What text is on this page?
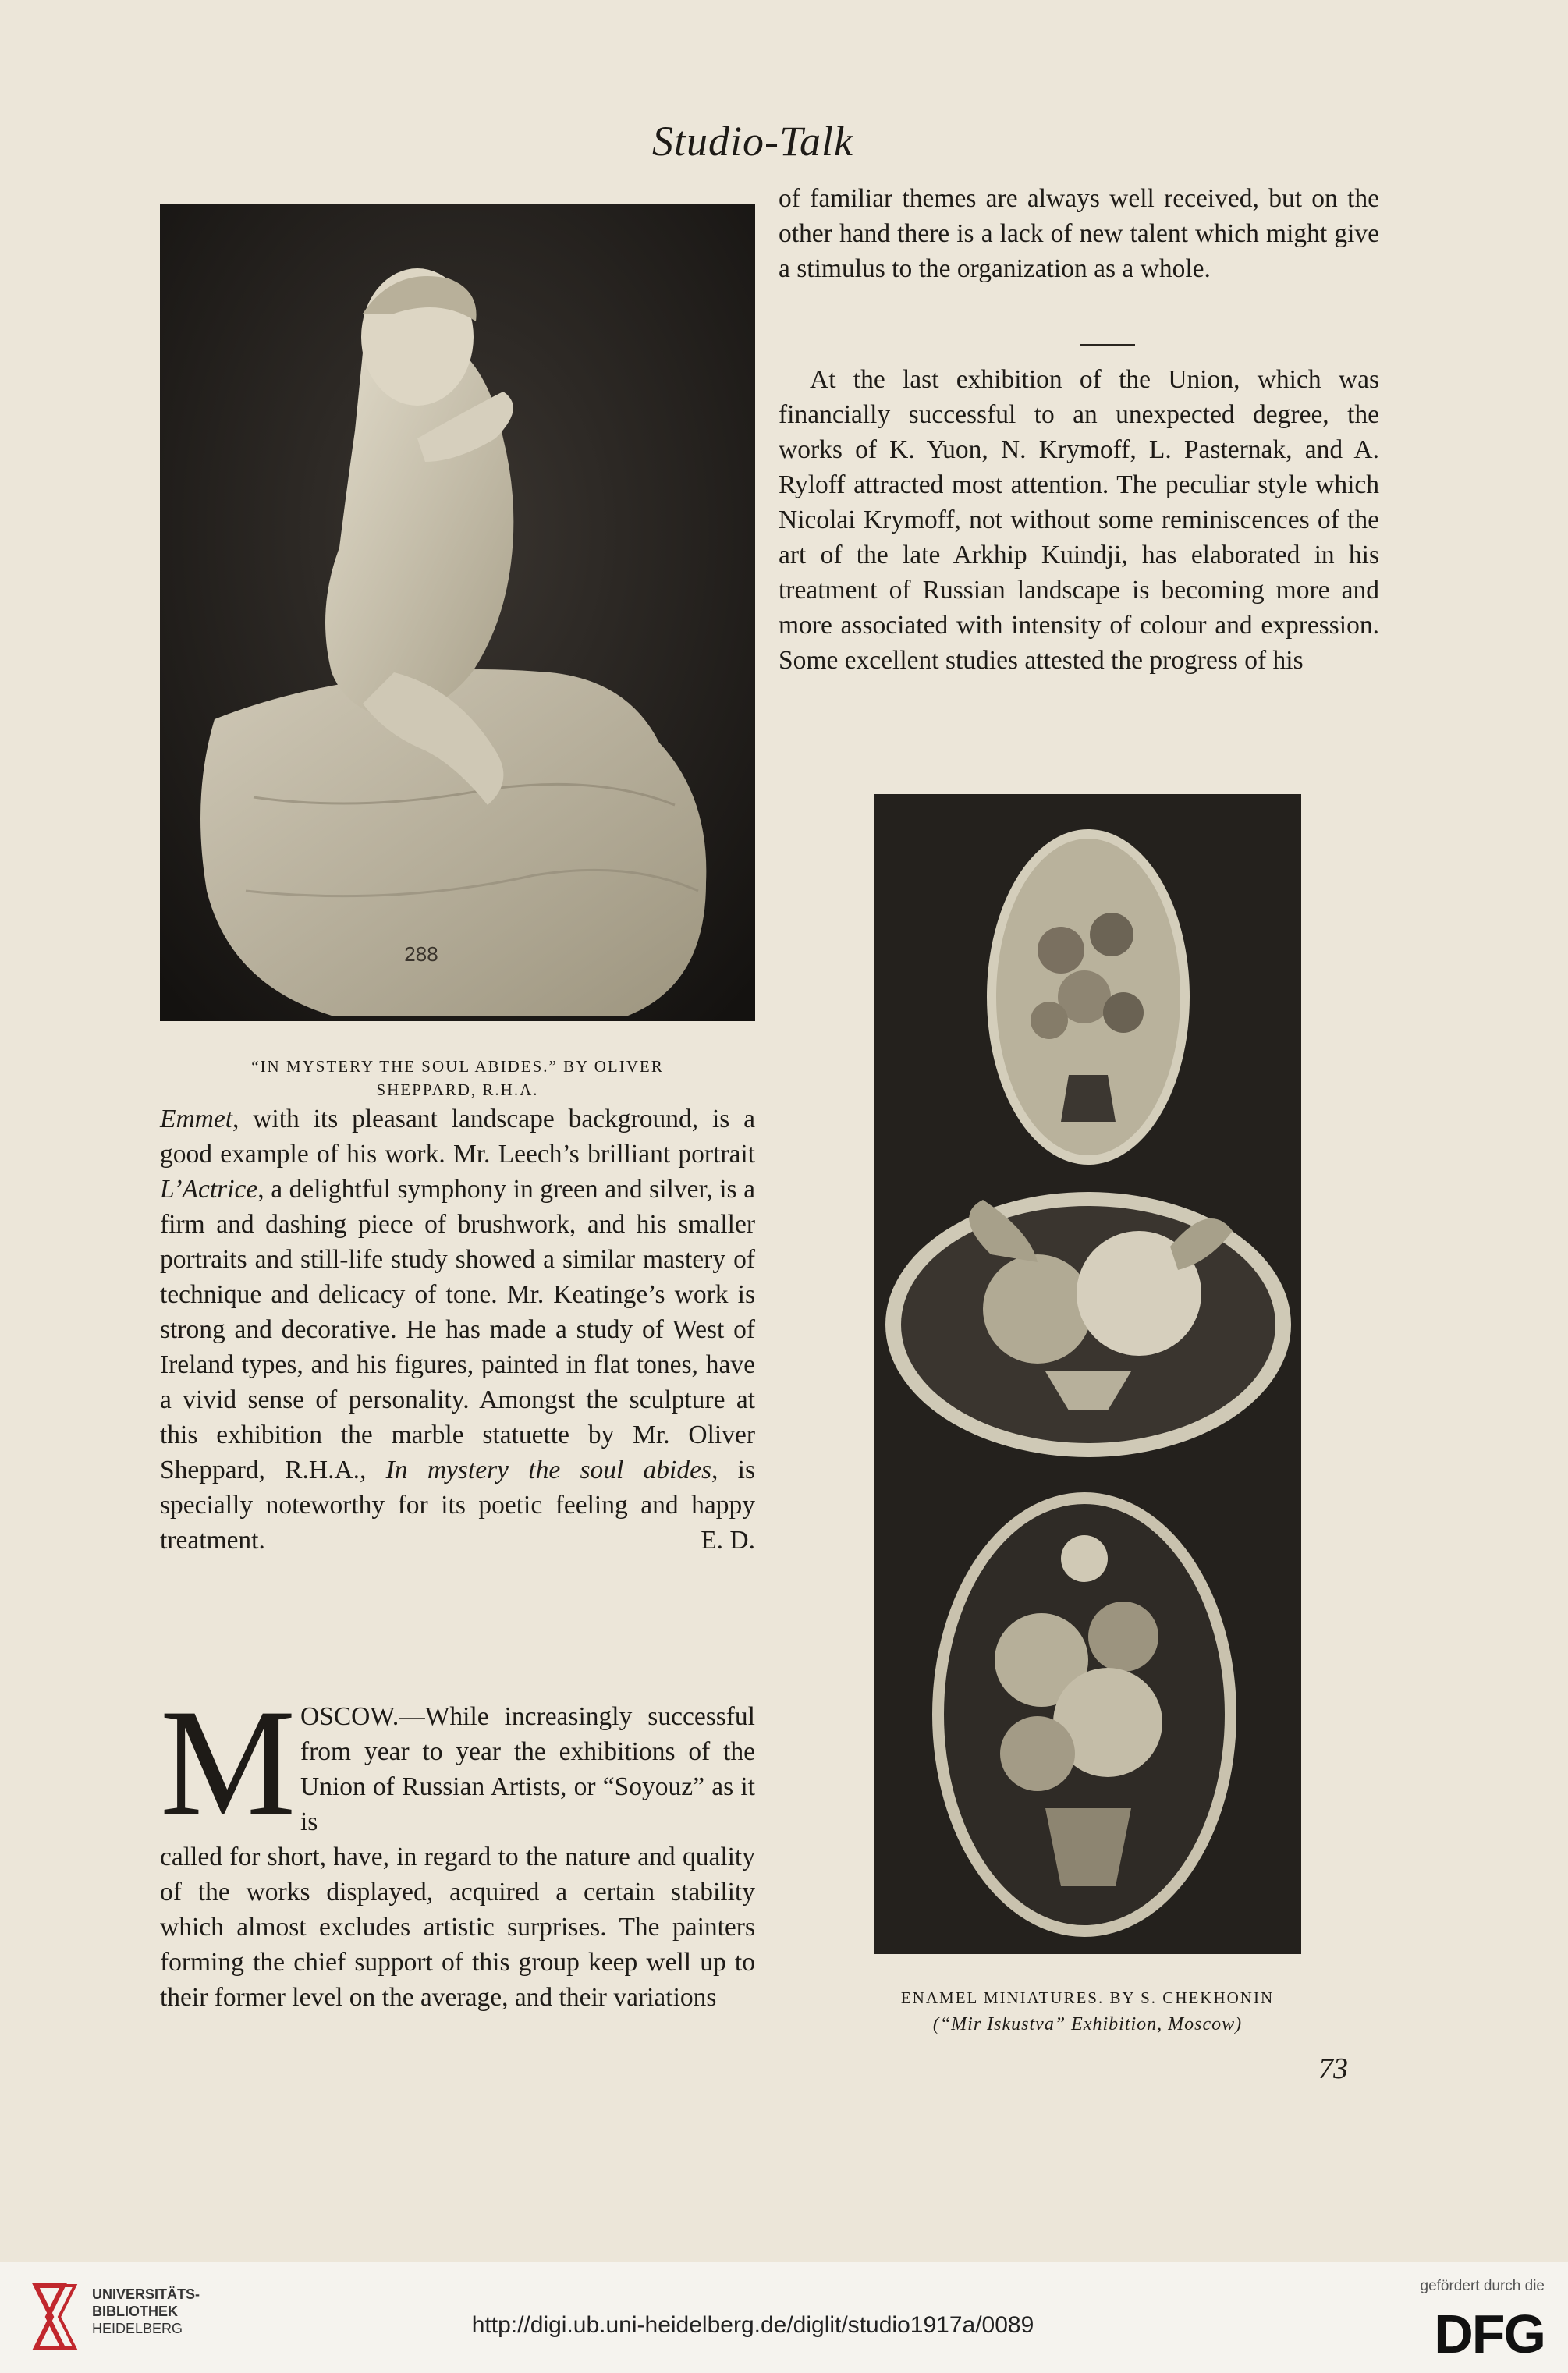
Studio-Talk
288
“IN MYSTERY THE SOUL ABIDES.” BY OLIVER
SHEPPARD, R.H.A.

of familiar themes are always well received, but on the other hand there is a lack of new talent which might give a stimulus to the organization as a whole.

At the last exhibition of the Union, which was financially successful to an unexpected degree, the works of K. Yuon, N. Krymoff, L. Pasternak, and A. Ryloff attracted most attention. The peculiar style which Nicolai Krymoff, not without some reminiscences of the art of the late Arkhip Kuindji, has elaborated in his treatment of Russian landscape is becoming more and more associated with intensity of colour and expression. Some excellent studies attested the progress of his

ENAMEL MINIATURES. BY S. CHEKHONIN
(“Mir Iskustva” Exhibition, Moscow)

Emmet, with its pleasant landscape background, is a good example of his work. Mr. Leech’s brilliant portrait L’Actrice, a delightful symphony in green and silver, is a firm and dashing piece of brushwork, and his smaller portraits and still-life study showed a similar mastery of technique and delicacy of tone. Mr. Keatinge’s work is strong and decorative. He has made a study of West of Ireland types, and his figures, painted in flat tones, have a vivid sense of personality. Amongst the sculpture at this exhibition the marble statuette by Mr. Oliver Sheppard, R.H.A., In mystery the soul abides, is specially noteworthy for its poetic feeling and happy treatment.	E. D.

M OSCOW.—While increasingly successful from year to year the exhibitions of the Union of Russian Artists, or “Soyouz” as it is
called for short, have, in regard to the nature and quality of the works displayed, acquired a certain stability which almost excludes artistic surprises. The painters forming the chief support of this group keep well up to their former level on the average, and their variations
73
UNIVERSITÄTS-
BIBLIOTHEK
HEIDELBERG	http://digi.ub.uni-heidelberg.de/diglit/studio1917a/0089
gefördert durch die
DFG
